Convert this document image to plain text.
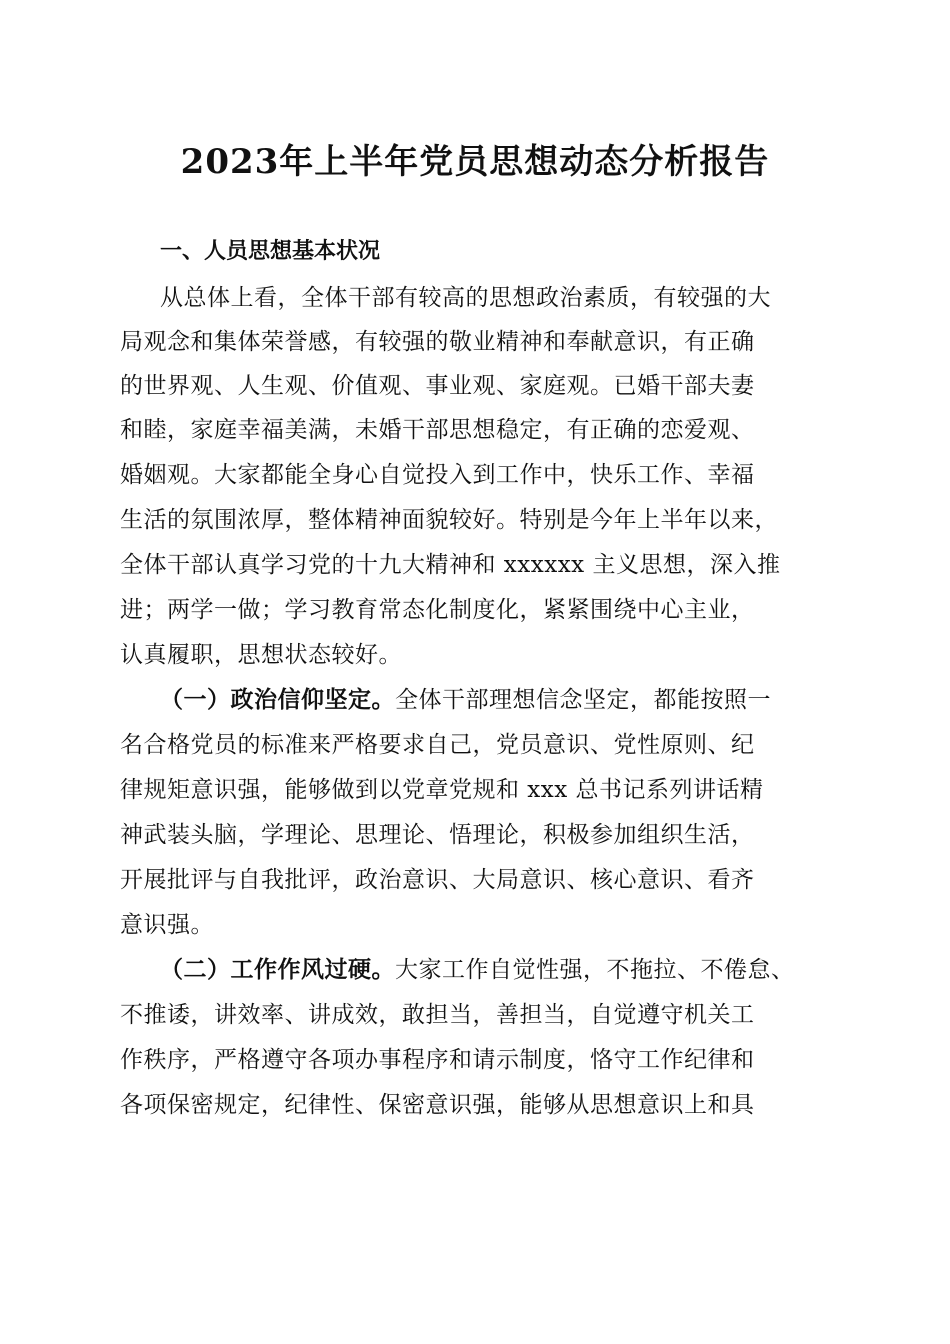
2023年上半年党员思想动态分析报告
一、人员思想基本状况
从总体上看，全体干部有较高的思想政治素质，有较强的大
局观念和集体荣誉感，有较强的敬业精神和奉献意识，有正确
的世界观、人生观、价值观、事业观、家庭观。已婚干部夫妻
和睦，家庭幸福美满，未婚干部思想稳定，有正确的恋爱观、
婚姻观。大家都能全身心自觉投入到工作中，快乐工作、幸福
生活的氛围浓厚，整体精神面貌较好。特别是今年上半年以来，
全体干部认真学习党的十九大精神和 xxxxxx 主义思想，深入推
进；两学一做；学习教育常态化制度化，紧紧围绕中心主业，
认真履职，思想状态较好。
（一）政治信仰坚定。全体干部理想信念坚定，都能按照一
名合格党员的标准来严格要求自己，党员意识、党性原则、纪
律规矩意识强，能够做到以党章党规和 xxx 总书记系列讲话精
神武装头脑，学理论、思理论、悟理论，积极参加组织生活，
开展批评与自我批评，政治意识、大局意识、核心意识、看齐
意识强。
（二）工作作风过硬。大家工作自觉性强，不拖拉、不倦怠、
不推诿，讲效率、讲成效，敢担当，善担当，自觉遵守机关工
作秩序，严格遵守各项办事程序和请示制度，恪守工作纪律和
各项保密规定，纪律性、保密意识强，能够从思想意识上和具
